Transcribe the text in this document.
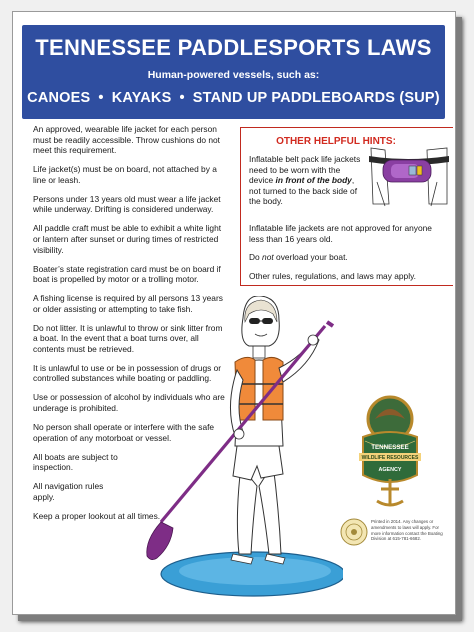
TENNESSEE PADDLESPORTS LAWS
Human-powered vessels, such as:
CANOES • KAYAKS • STAND UP PADDLEBOARDS (SUP)

An approved, wearable life jacket for each person must be readily accessible. Throw cushions do not meet this requirement.

Life jacket(s) must be on board, not attached by a line or leash.

Persons under 13 years old must wear a life jacket while underway. Drifting is considered underway.

All paddle craft must be able to exhibit a white light or lantern after sunset or during times of restricted visibility.

Boater’s state registration card must be on board if boat is propelled by motor or a trolling motor.

A fishing license is required by all persons 13 years or older assisting or attempting to take fish.

Do not litter. It is unlawful to throw or sink litter from a boat. In the event that a boat turns over, all contents must be retrieved.

It is unlawful to use or be in possession of drugs or controlled substances while boating or paddling.

Use or possession of alcohol by individuals who are underage is prohibited.

No person shall operate or interfere with the safe operation of any motorboat or vessel.

All boats are subject to inspection.

All navigation rules apply.

Keep a proper lookout at all times.

OTHER HELPFUL HINTS:
Inflatable belt pack life jackets need to be worn with the device in front of the body, not turned to the back side of the body.

Inflatable life jackets are not approved for anyone less than 16 years old.

Do not overload your boat.

Other rules, regulations, and laws may apply.

TENNESSEE
WILDLIFE RESOURCES
AGENCY
Printed in 2014. Any changes or amendments to laws will apply. For more information contact the Boating Division at 615-781-6682.
